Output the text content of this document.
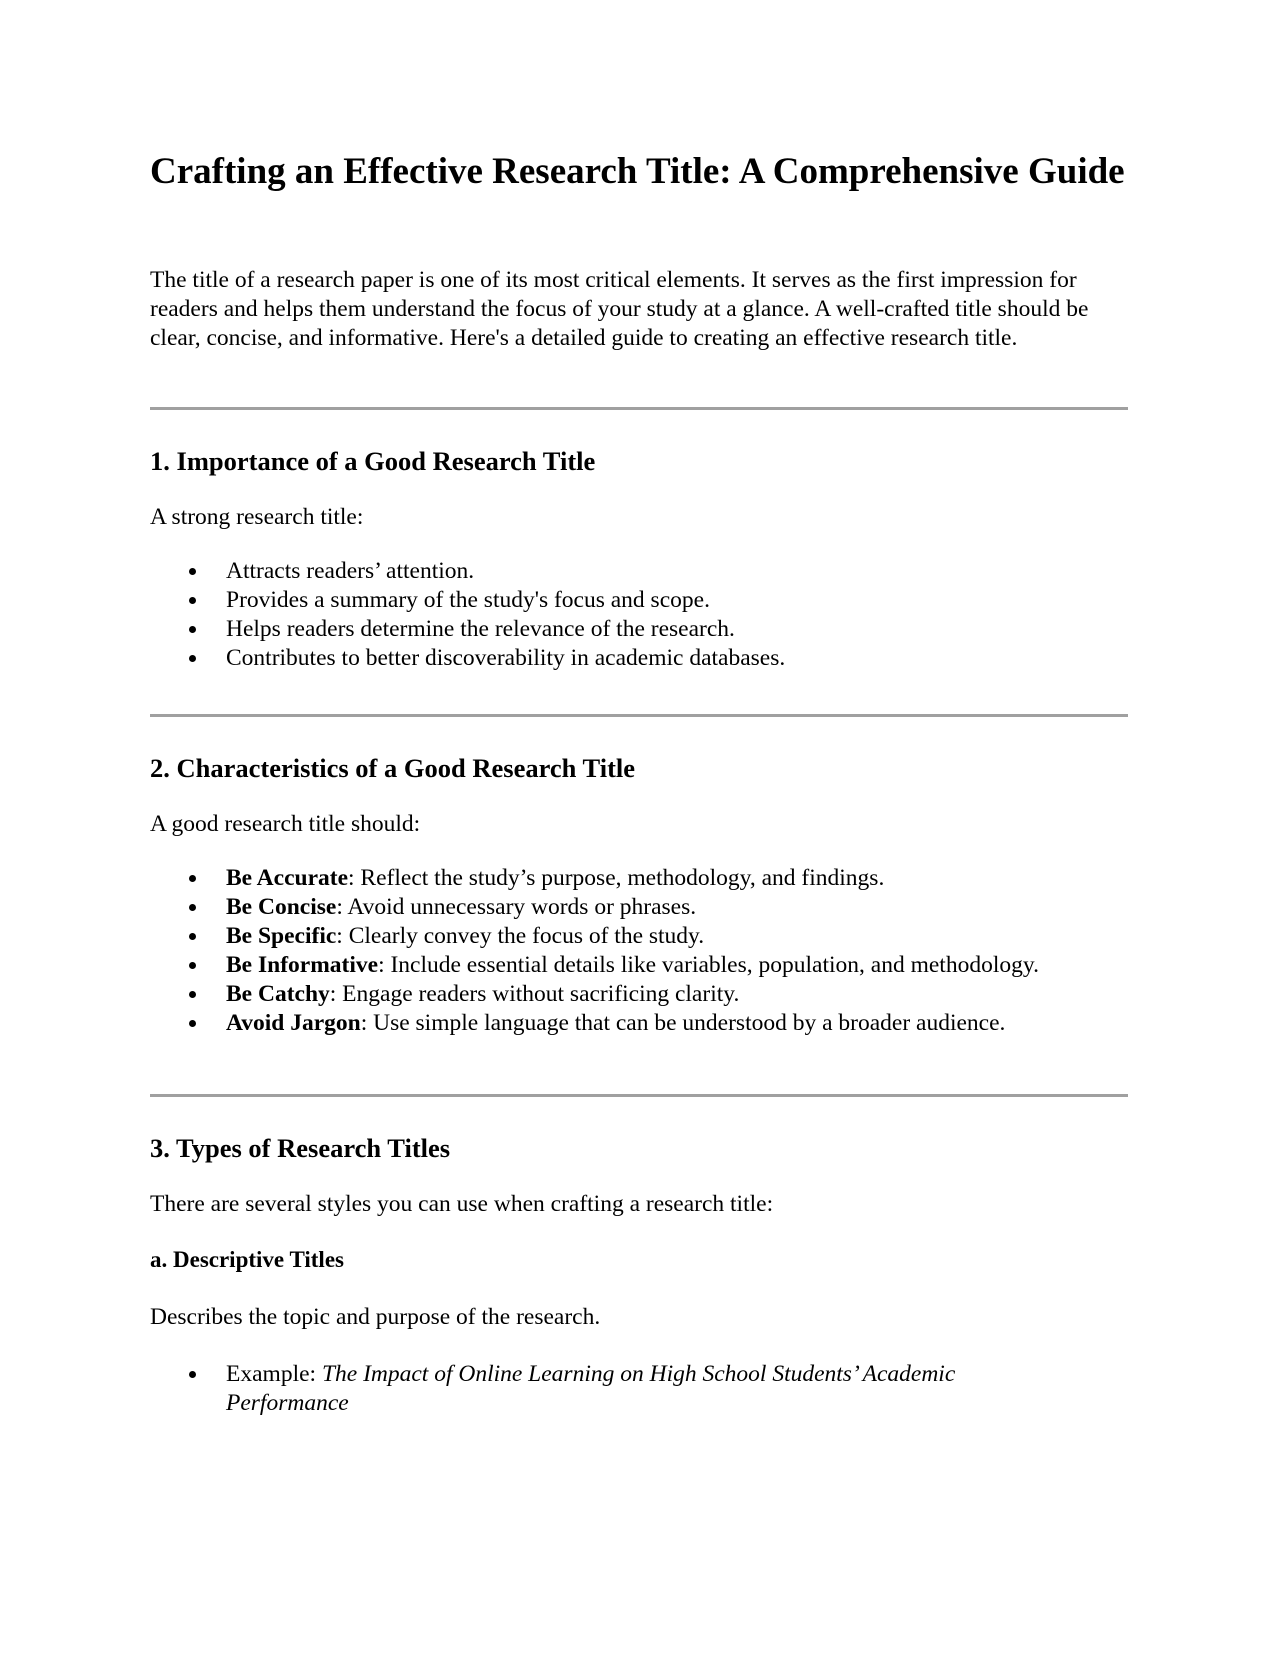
Crafting an Effective Research Title: A Comprehensive Guide

The title of a research paper is one of its most critical elements. It serves as the first impression for readers and helps them understand the focus of your study at a glance. A well-crafted title should be clear, concise, and informative. Here's a detailed guide to creating an effective research title.

1. Importance of a Good Research Title

A strong research title:

Attracts readers’ attention.
Provides a summary of the study's focus and scope.
Helps readers determine the relevance of the research.
Contributes to better discoverability in academic databases.
2. Characteristics of a Good Research Title

A good research title should:

Be Accurate: Reflect the study’s purpose, methodology, and findings.
Be Concise: Avoid unnecessary words or phrases.
Be Specific: Clearly convey the focus of the study.
Be Informative: Include essential details like variables, population, and methodology.
Be Catchy: Engage readers without sacrificing clarity.
Avoid Jargon: Use simple language that can be understood by a broader audience.
3. Types of Research Titles

There are several styles you can use when crafting a research title:

a. Descriptive Titles

Describes the topic and purpose of the research.

Example: The Impact of Online Learning on High School Students’ Academic Performance
